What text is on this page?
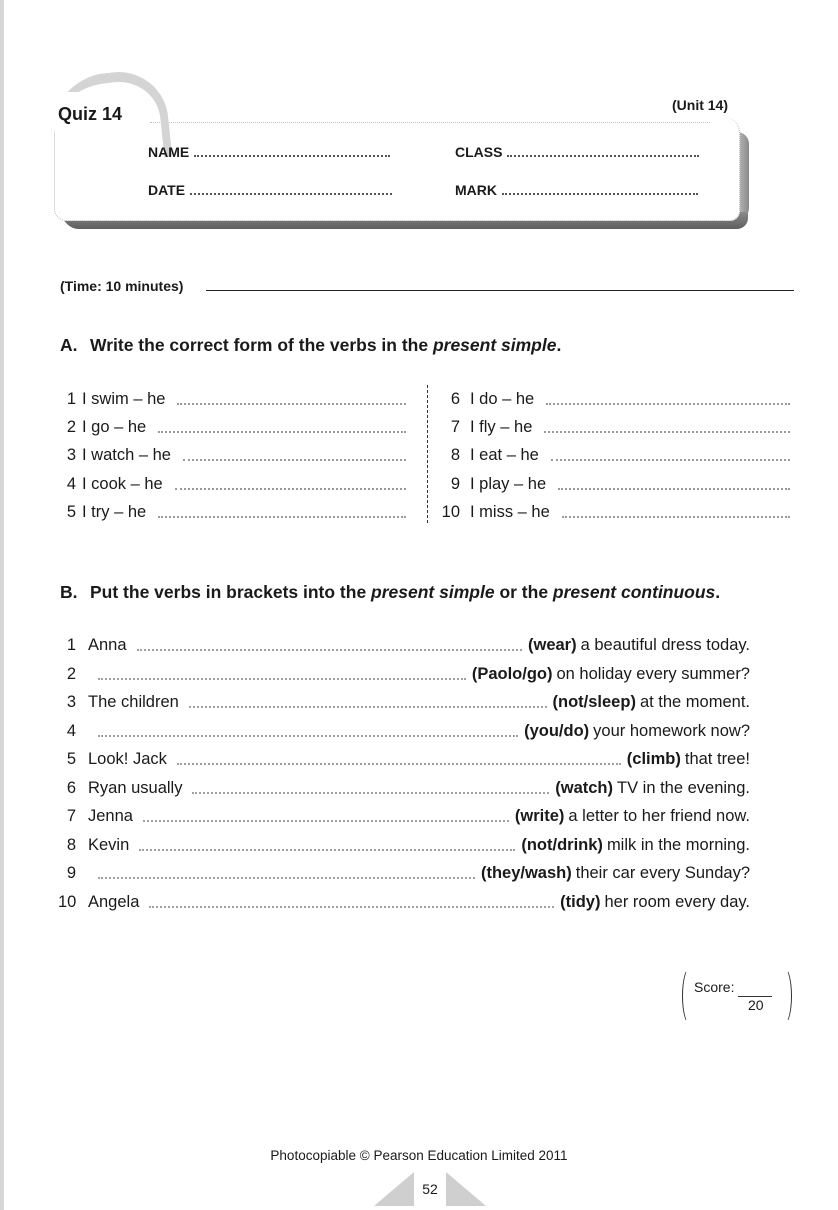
Quiz 14	(Unit 14)
NAME	CLASS
DATE	MARK
(Time: 10 minutes)
A. Write the correct form of the verbs in the present simple.
1 I swim – he
2 I go – he
3 I watch – he
4 I cook – he
5 I try – he
6 I do – he
7 I fly – he
8 I eat – he
9 I play – he
10 I miss – he
B. Put the verbs in brackets into the present simple or the present continuous.
1 Anna	(wear) a beautiful dress today.
2	(Paolo/go) on holiday every summer?
3 The children	(not/sleep) at the moment.
4	(you/do) your homework now?
5 Look! Jack	(climb) that tree!
6 Ryan usually	(watch) TV in the evening.
7 Jenna	(write) a letter to her friend now.
8 Kevin	(not/drink) milk in the morning.
9	(they/wash) their car every Sunday?
10 Angela	(tidy) her room every day.
Score:
20
Photocopiable © Pearson Education Limited 2011
52
